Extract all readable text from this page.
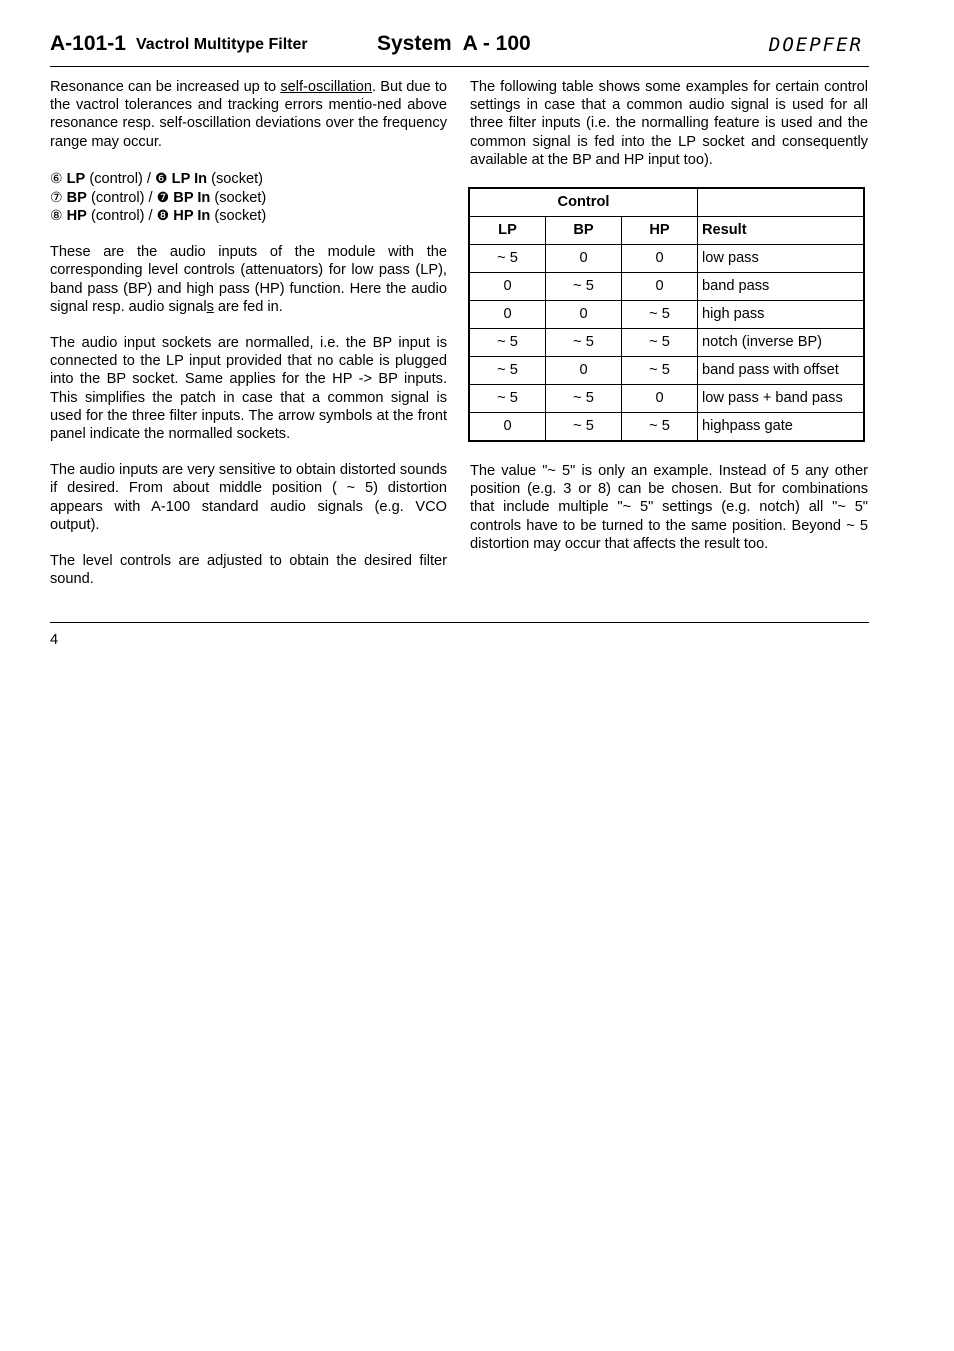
A-101-1 Vactrol Multitype Filter	System  A - 100	DOEPFER

Resonance can be increased up to self-oscillation. But due to the vactrol tolerances and tracking errors mentio-ned above resonance resp. self-oscillation deviations over the frequency range may occur.

⑥ LP (control) / ❻ LP In (socket)
⑦ BP (control) / ❼ BP In (socket)
⑧ HP (control) / ❽ HP In (socket)

These are the audio inputs of the module with the corresponding level controls (attenuators) for low pass (LP), band pass (BP) and high pass (HP) function. Here the audio signal resp. audio signals are fed in.

The audio input sockets are normalled, i.e. the BP input is connected to the LP input provided that no cable is plugged into the BP socket. Same applies for the HP -> BP inputs. This simplifies the patch in case that a common signal is used for the three filter inputs. The arrow symbols at the front panel indicate the normalled sockets.

The audio inputs are very sensitive to obtain distorted sounds if desired. From about middle position ( ~ 5) distortion appears with A-100 standard audio signals (e.g. VCO output).

The level controls are adjusted to obtain the desired filter sound.

The following table shows some examples for certain control settings in case that a common audio signal is used for all three filter inputs (i.e. the normalling feature is used and the common signal is fed into the LP socket and consequently available at the BP and HP input too).

Control			
LP	BP	HP	Result
~ 5	0	0	low pass
0	~ 5	0	band pass
0	0	~ 5	high pass
~ 5	~ 5	~ 5	notch (inverse BP)
~ 5	0	~ 5	band pass with offset
~ 5	~ 5	0	low pass + band pass
0	~ 5	~ 5	highpass gate

The value "~ 5" is only an example. Instead of 5 any other position (e.g. 3 or 8) can be chosen. But for combinations that include multiple "~ 5" settings (e.g. notch) all "~ 5" controls have to be turned to the same position. Beyond ~ 5 distortion may occur that affects the result too.

4
